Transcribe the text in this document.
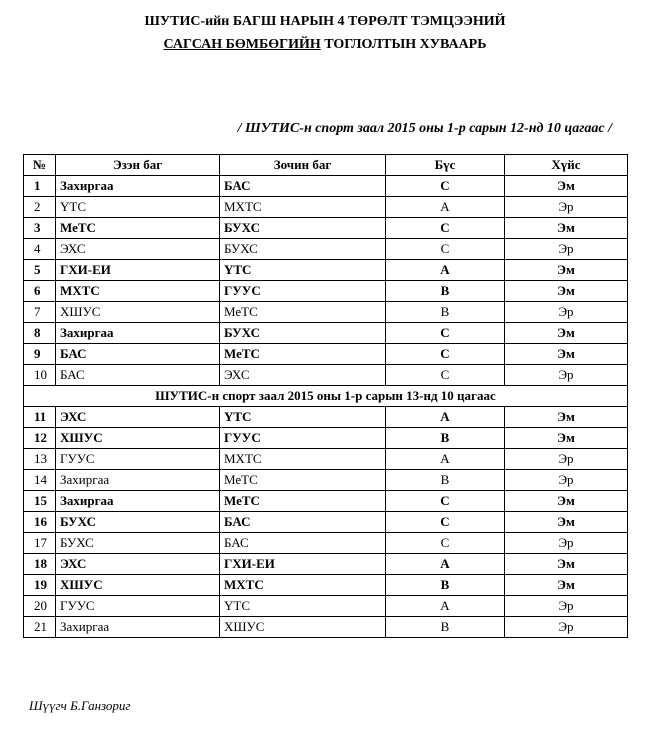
ШУТИС-ийн БАГШ НАРЫН 4 ТӨРӨЛТ ТЭМЦЭЭНИЙ
САГСАН БӨМБӨГИЙН ТОГЛОЛТЫН ХУВААРЬ
/ ШУТИС-н спорт заал 2015 оны 1-р сарын 12-нд 10 цагаас /
№	Эзэн баг	Зочин баг	Бүс	Хүйс
1	Захиргаа	БАС	С	Эм
2	ҮТС	МХТС	А	Эр
3	МеТС	БУХС	С	Эм
4	ЭХС	БУХС	С	Эр
5	ГХИ-ЕИ	ҮТС	А	Эм
6	МХТС	ГУУС	В	Эм
7	ХШУС	МеТС	В	Эр
8	Захиргаа	БУХС	С	Эм
9	БАС	МеТС	С	Эм
10	БАС	ЭХС	С	Эр
ШУТИС-н спорт заал 2015 оны 1-р сарын 13-нд 10 цагаас				
11	ЭХС	ҮТС	А	Эм
12	ХШУС	ГУУС	В	Эм
13	ГУУС	МХТС	А	Эр
14	Захиргаа	МеТС	В	Эр
15	Захиргаа	МеТС	С	Эм
16	БУХС	БАС	С	Эм
17	БУХС	БАС	С	Эр
18	ЭХС	ГХИ-ЕИ	А	Эм
19	ХШУС	МХТС	В	Эм
20	ГУУС	ҮТС	А	Эр
21	Захиргаа	ХШУС	В	Эр
Шүүгч Б.Ганзориг
